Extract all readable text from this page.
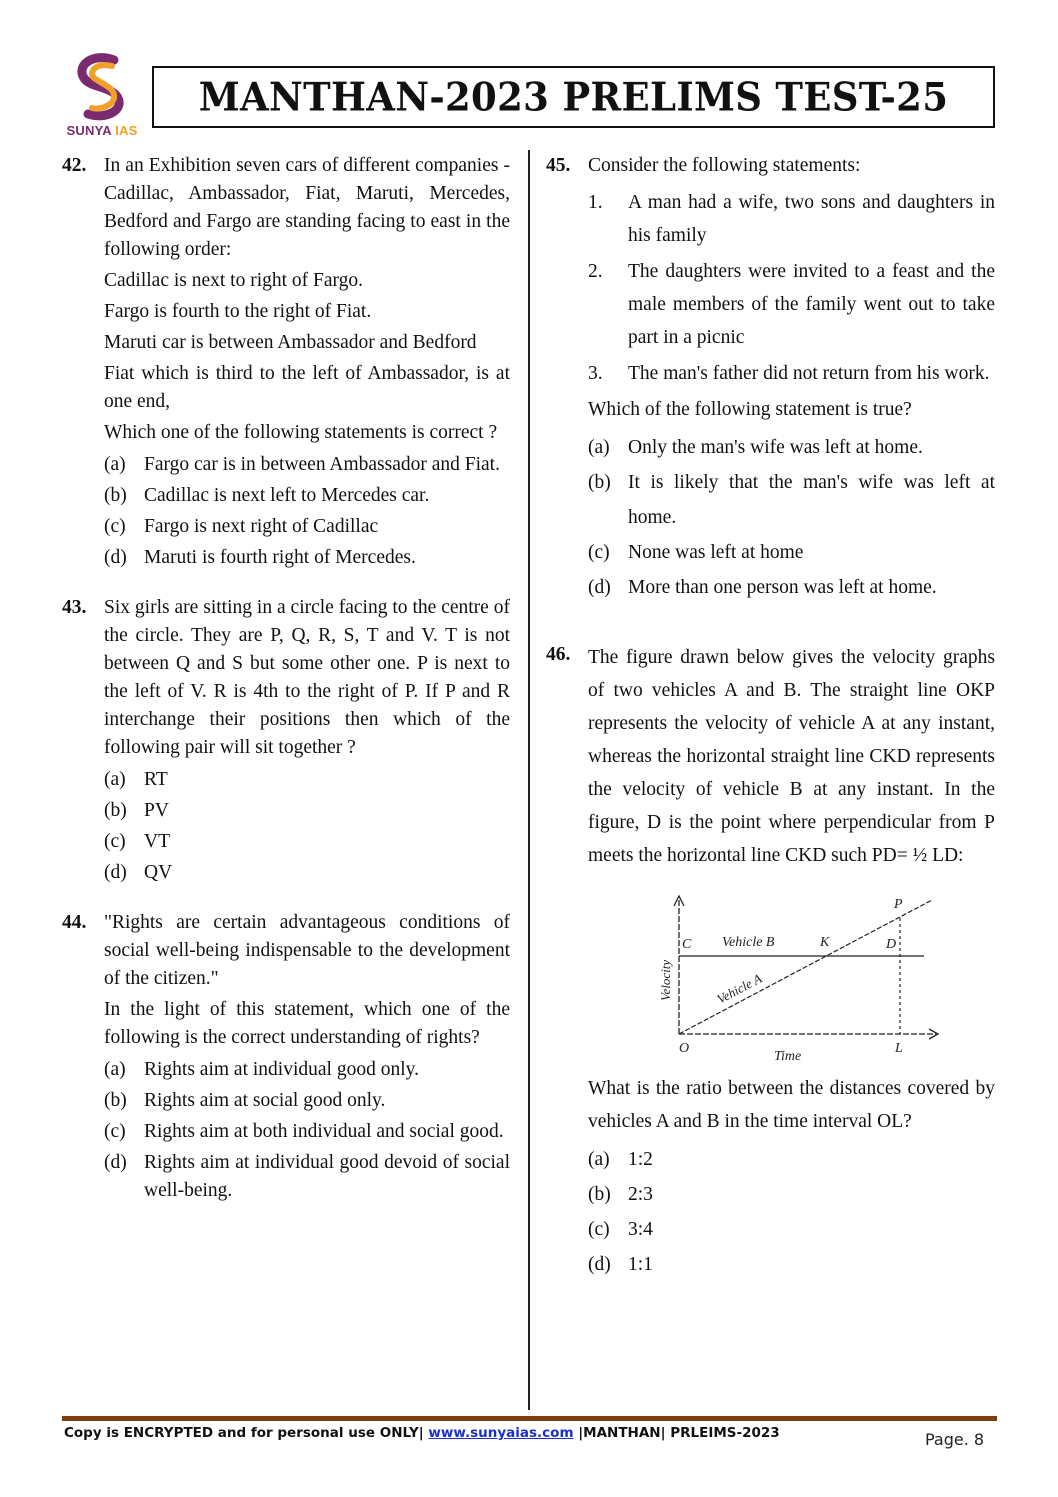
SUNYA IAS
MANTHAN-2023 PRELIMS TEST-25
42. In an Exhibition seven cars of different companies - Cadillac, Ambassador, Fiat, Maruti, Mercedes, Bedford and Fargo are standing facing to east in the following order:

Cadillac is next to right of Fargo.

Fargo is fourth to the right of Fiat.

Maruti car is between Ambassador and Bedford

Fiat which is third to the left of Ambassador, is at one end,

Which one of the following statements is correct ?

(a) Fargo car is in between Ambassador and Fiat.
(b) Cadillac is next left to Mercedes car.
(c) Fargo is next right of Cadillac
(d) Maruti is fourth right of Mercedes.
43. Six girls are sitting in a circle facing to the centre of the circle. They are P, Q, R, S, T and V. T is not between Q and S but some other one. P is next to the left of V. R is 4th to the right of P. If P and R interchange their positions then which of the following pair will sit together ?

(a) RT
(b) PV
(c) VT
(d) QV
44. "Rights are certain advantageous conditions of social well-being indispensable to the development of the citizen."

In the light of this statement, which one of the following is the correct understanding of rights?

(a) Rights aim at individual good only.
(b) Rights aim at social good only.
(c) Rights aim at both individual and social good.
(d) Rights aim at individual good devoid of social well-being.
45. Consider the following statements:

1. A man had a wife, two sons and daughters in his family
2. The daughters were invited to a feast and the male members of the family went out to take part in a picnic
3. The man's father did not return from his work.

Which of the following statement is true?

(a) Only the man's wife was left at home.
(b) It is likely that the man's wife was left at home.
(c) None was left at home
(d) More than one person was left at home.
46. The figure drawn below gives the velocity graphs of two vehicles A and B. The straight line OKP represents the velocity of vehicle A at any instant, whereas the horizontal straight line CKD represents the velocity of vehicle B at any instant. In the figure, D is the point where perpendicular from P meets the horizontal line CKD such PD= ½ LD:

C Vehicle B	K	D
P
O	L
Time
Velocity	Vehicle A

What is the ratio between the distances covered by vehicles A and B in the time interval OL?

(a) 1:2
(b) 2:3
(c) 3:4
(d) 1:1
Copy is ENCRYPTED and for personal use ONLY| www.sunyaias.com |MANTHAN| PRLEIMS-2023	Page. 8
